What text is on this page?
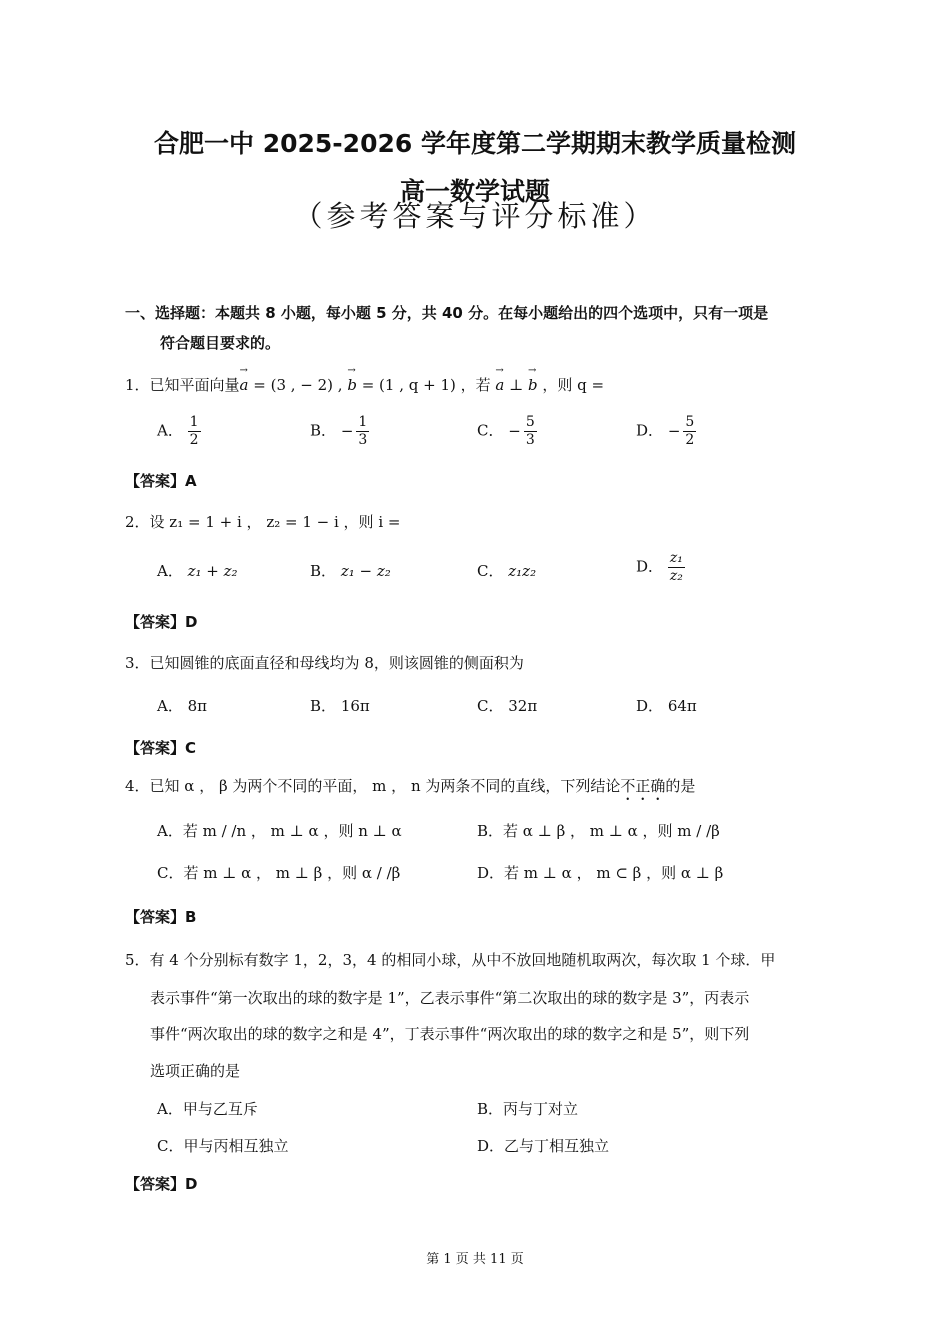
合肥一中 2025-2026 学年度第二学期期末教学质量检测
高一数学试题
（参考答案与评分标准）
一、选择题：本题共 8 小题，每小题 5 分，共 40 分。在每小题给出的四个选项中，只有一项是
符合题目要求的。
1．已知平面向量a
→
= (3 , − 2) , b
→
= (1 , q + 1) ，若 a
→
⊥ b
→
，则 q =
A． $\frac{1}{2}$	B． − $\frac{1}{3}$	C． − $\frac{5}{3}$	D． − $\frac{5}{2}$
【答案】A
2．设 z₁ = 1 + i ， z₂ = 1 − i ，则 i =
A． z₁ + z₂	B． z₁ − z₂	C． z₁z₂	D． $\frac{\text{z₁}}{\text{z₂}}$
【答案】D
3．已知圆锥的底面直径和母线均为 8，则该圆锥的侧面积为
A． 8π	B． 16π	C． 32π	D． 64π
【答案】C
4．已知 α ， β 为两个不同的平面， m ， n 为两条不同的直线，下列结论不正确的是
A．若 m / /n ， m ⊥ α ，则 n ⊥ α	B．若 α ⊥ β ， m ⊥ α ，则 m / /β
C．若 m ⊥ α ， m ⊥ β ，则 α / /β	D．若 m ⊥ α ， m ⊂ β ，则 α ⊥ β
【答案】B
5．有 4 个分别标有数字 1，2，3，4 的相同小球，从中不放回地随机取两次，每次取 1 个球．甲
表示事件“第一次取出的球的数字是 1”，乙表示事件“第二次取出的球的数字是 3”，丙表示
事件“两次取出的球的数字之和是 4”，丁表示事件“两次取出的球的数字之和是 5”，则下列
选项正确的是
A．甲与乙互斥	B．丙与丁对立
C．甲与丙相互独立	D．乙与丁相互独立
【答案】D
第 1 页 共 11 页
